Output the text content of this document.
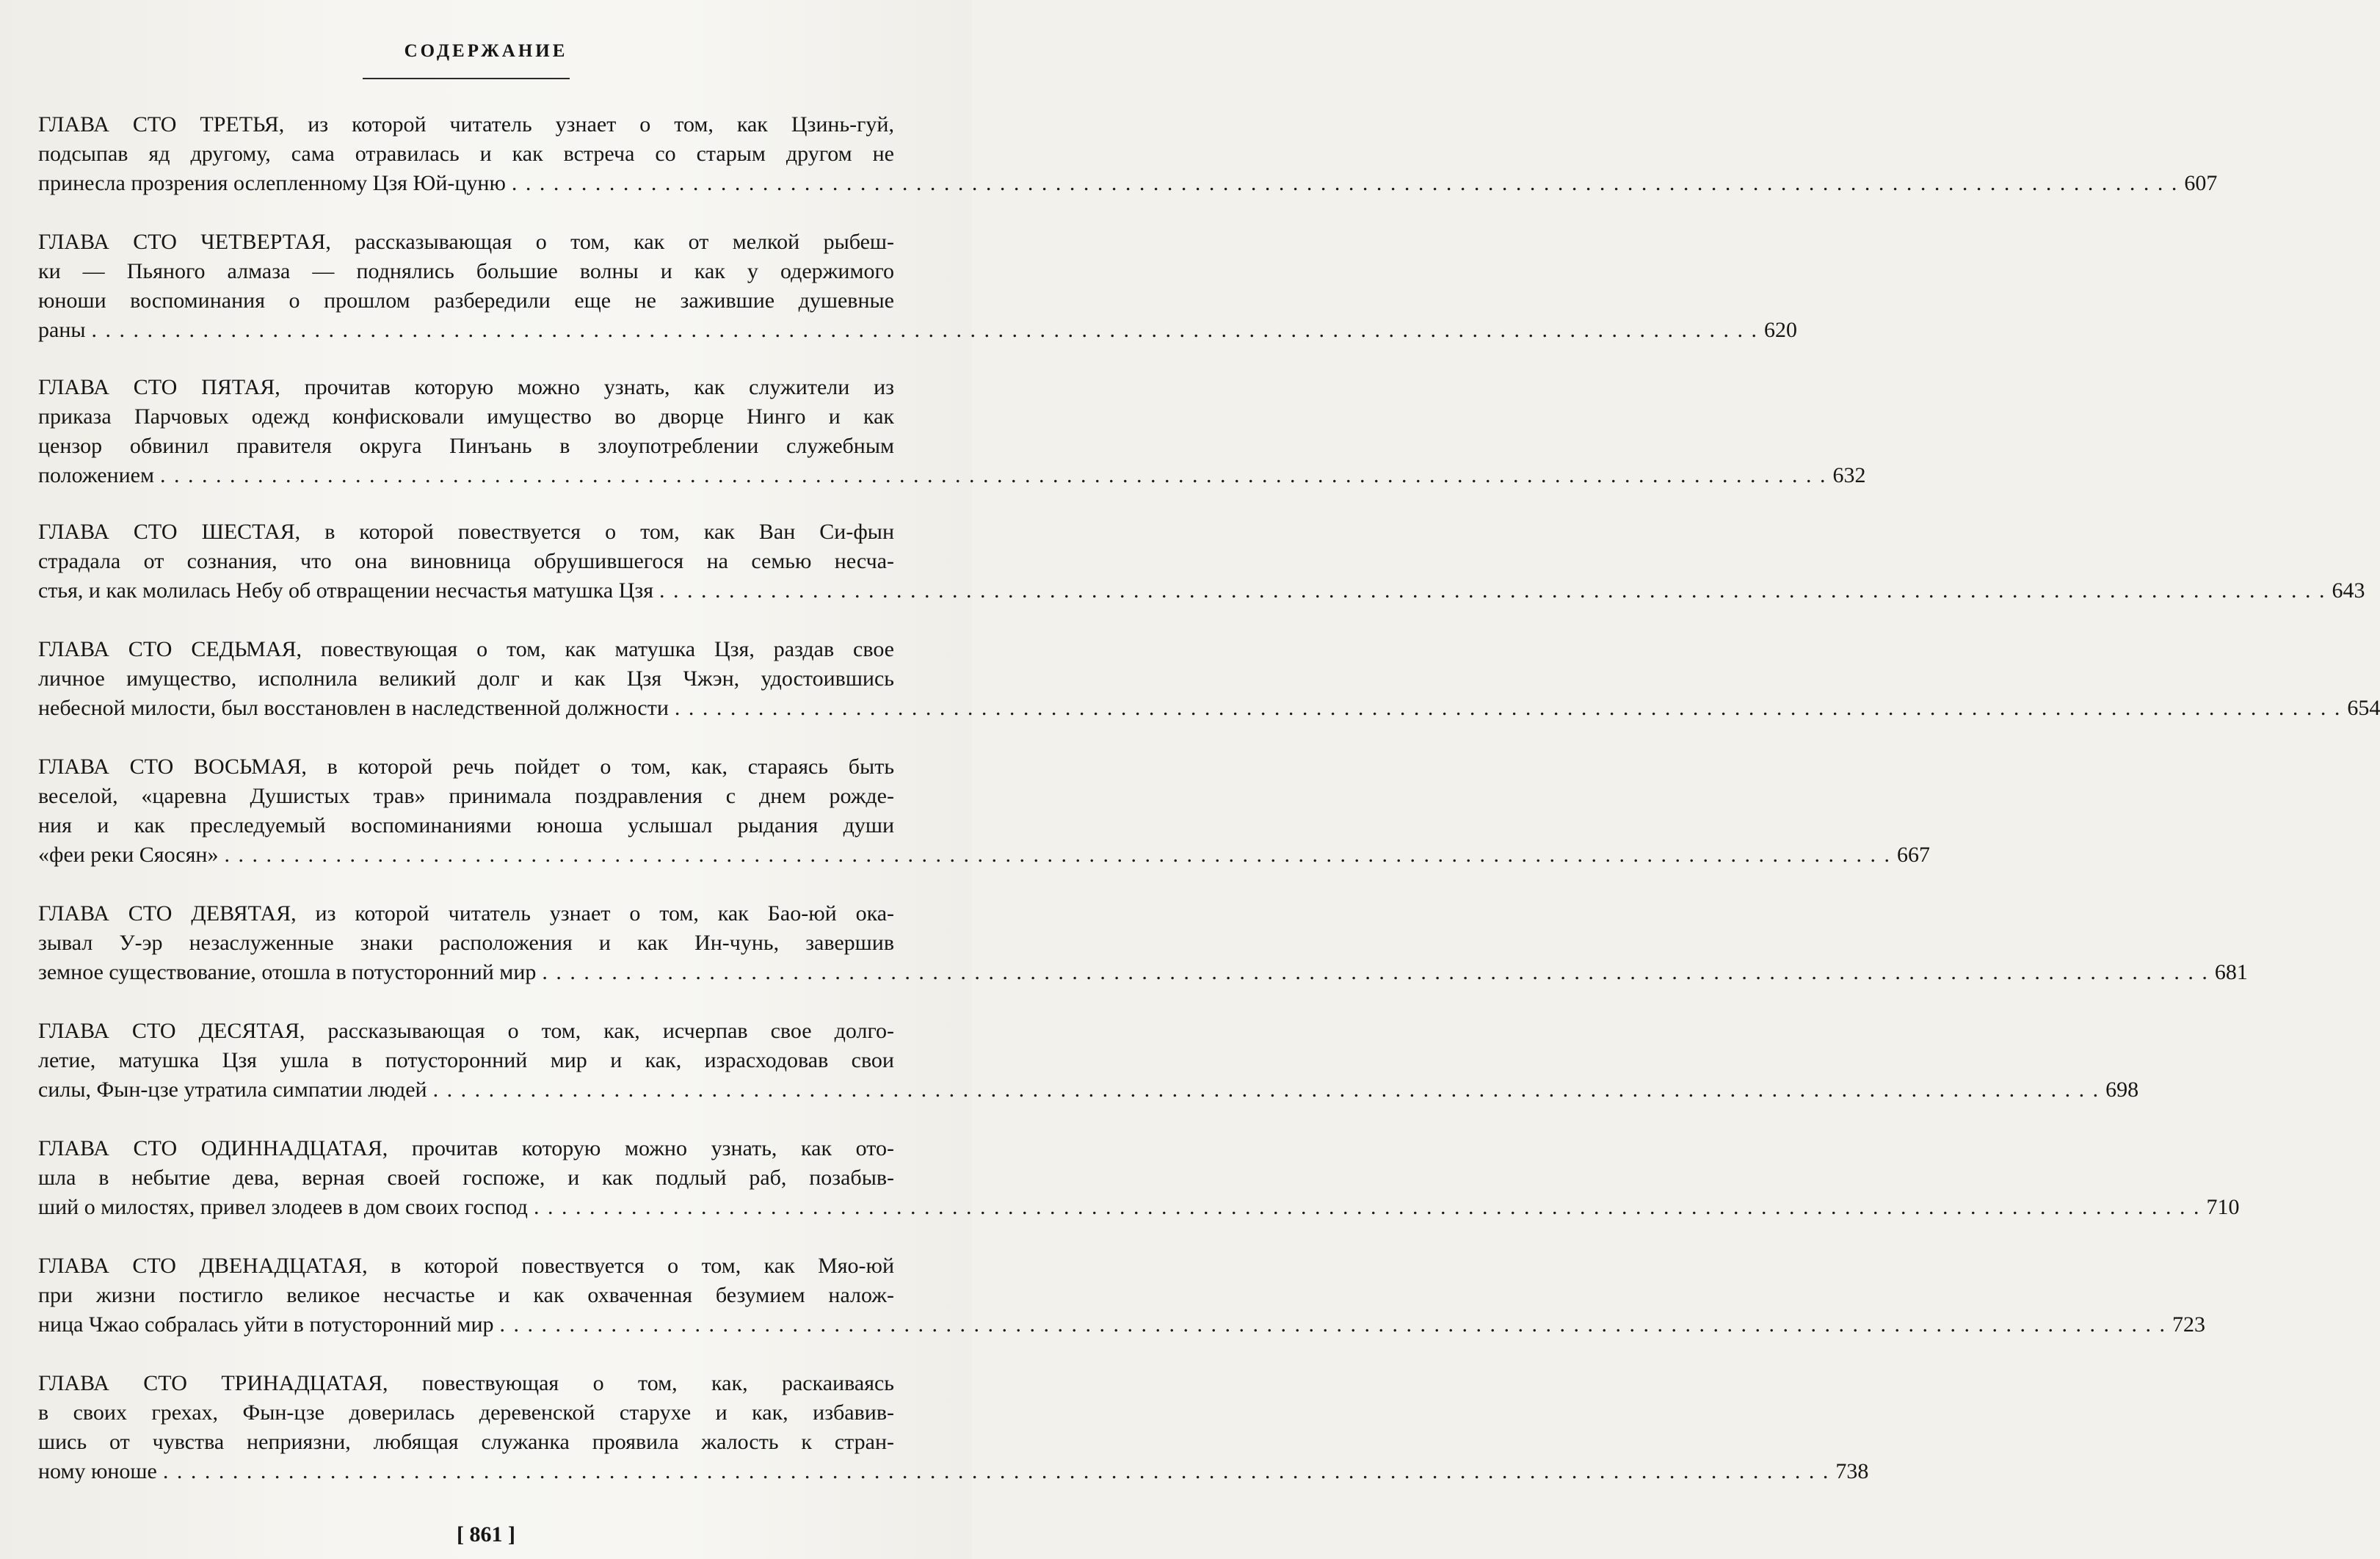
СОДЕРЖАНИЕ
ГЛАВА СТО ТРЕТЬЯ, из которой читатель узнает о том, как Цзинь-гуй,
подсыпав яд другому, сама отравилась и как встреча со старым другом не
принесла прозрения ослепленному Цзя Юй-цуню . . . . . . . . . . . . . . . . . . . . . . . . . . . . . . . . . . . . . . . . . . . . . . . . . . . . . . . . . . . . . . . . . . . . . . . . . . . . . . . . . . . . . . . . . . . . . . . . . . . . . . . . . . . . . . . . . . . . . . . . 607
ГЛАВА СТО ЧЕТВЕРТАЯ, рассказывающая о том, как от мелкой рыбеш-
ки — Пьяного алмаза — поднялись большие волны и как у одержимого
юноши воспоминания о прошлом разбередили еще не зажившие душевные
раны . . . . . . . . . . . . . . . . . . . . . . . . . . . . . . . . . . . . . . . . . . . . . . . . . . . . . . . . . . . . . . . . . . . . . . . . . . . . . . . . . . . . . . . . . . . . . . . . . . . . . . . . . . . . . . . . . . . . . . . . 620
ГЛАВА СТО ПЯТАЯ, прочитав которую можно узнать, как служители из
приказа Парчовых одежд конфисковали имущество во дворце Нинго и как
цензор обвинил правителя округа Пинъань в злоупотреблении служебным
положением . . . . . . . . . . . . . . . . . . . . . . . . . . . . . . . . . . . . . . . . . . . . . . . . . . . . . . . . . . . . . . . . . . . . . . . . . . . . . . . . . . . . . . . . . . . . . . . . . . . . . . . . . . . . . . . . . . . . . . . . 632
ГЛАВА СТО ШЕСТАЯ, в которой повествуется о том, как Ван Си-фын
страдала от сознания, что она виновница обрушившегося на семью несча-
стья, и как молилась Небу об отвращении несчастья матушка Цзя . . . . . . . . . . . . . . . . . . . . . . . . . . . . . . . . . . . . . . . . . . . . . . . . . . . . . . . . . . . . . . . . . . . . . . . . . . . . . . . . . . . . . . . . . . . . . . . . . . . . . . . . . . . . . . . . . . . . . . . . 643
ГЛАВА СТО СЕДЬМАЯ, повествующая о том, как матушка Цзя, раздав свое
личное имущество, исполнила великий долг и как Цзя Чжэн, удостоившись
небесной милости, был восстановлен в наследственной должности . . . . . . . . . . . . . . . . . . . . . . . . . . . . . . . . . . . . . . . . . . . . . . . . . . . . . . . . . . . . . . . . . . . . . . . . . . . . . . . . . . . . . . . . . . . . . . . . . . . . . . . . . . . . . . . . . . . . . . . . 654
ГЛАВА СТО ВОСЬМАЯ, в которой речь пойдет о том, как, стараясь быть
веселой, «царевна Душистых трав» принимала поздравления с днем рожде-
ния и как преследуемый воспоминаниями юноша услышал рыдания души
«феи реки Сяосян» . . . . . . . . . . . . . . . . . . . . . . . . . . . . . . . . . . . . . . . . . . . . . . . . . . . . . . . . . . . . . . . . . . . . . . . . . . . . . . . . . . . . . . . . . . . . . . . . . . . . . . . . . . . . . . . . . . . . . . . . 667
ГЛАВА СТО ДЕВЯТАЯ, из которой читатель узнает о том, как Бао-юй ока-
зывал У-эр незаслуженные знаки расположения и как Ин-чунь, завершив
земное существование, отошла в потусторонний мир . . . . . . . . . . . . . . . . . . . . . . . . . . . . . . . . . . . . . . . . . . . . . . . . . . . . . . . . . . . . . . . . . . . . . . . . . . . . . . . . . . . . . . . . . . . . . . . . . . . . . . . . . . . . . . . . . . . . . . . . 681
ГЛАВА СТО ДЕСЯТАЯ, рассказывающая о том, как, исчерпав свое долго-
летие, матушка Цзя ушла в потусторонний мир и как, израсходовав свои
силы, Фын-цзе утратила симпатии людей . . . . . . . . . . . . . . . . . . . . . . . . . . . . . . . . . . . . . . . . . . . . . . . . . . . . . . . . . . . . . . . . . . . . . . . . . . . . . . . . . . . . . . . . . . . . . . . . . . . . . . . . . . . . . . . . . . . . . . . . 698
ГЛАВА СТО ОДИННАДЦАТАЯ, прочитав которую можно узнать, как ото-
шла в небытие дева, верная своей госпоже, и как подлый раб, позабыв-
ший о милостях, привел злодеев в дом своих господ . . . . . . . . . . . . . . . . . . . . . . . . . . . . . . . . . . . . . . . . . . . . . . . . . . . . . . . . . . . . . . . . . . . . . . . . . . . . . . . . . . . . . . . . . . . . . . . . . . . . . . . . . . . . . . . . . . . . . . . . 710
ГЛАВА СТО ДВЕНАДЦАТАЯ, в которой повествуется о том, как Мяо-юй
при жизни постигло великое несчастье и как охваченная безумием налож-
ница Чжао собралась уйти в потусторонний мир . . . . . . . . . . . . . . . . . . . . . . . . . . . . . . . . . . . . . . . . . . . . . . . . . . . . . . . . . . . . . . . . . . . . . . . . . . . . . . . . . . . . . . . . . . . . . . . . . . . . . . . . . . . . . . . . . . . . . . . . 723
ГЛАВА СТО ТРИНАДЦАТАЯ, повествующая о том, как, раскаиваясь
в своих грехах, Фын-цзе доверилась деревенской старухе и как, избавив-
шись от чувства неприязни, любящая служанка проявила жалость к стран-
ному юноше . . . . . . . . . . . . . . . . . . . . . . . . . . . . . . . . . . . . . . . . . . . . . . . . . . . . . . . . . . . . . . . . . . . . . . . . . . . . . . . . . . . . . . . . . . . . . . . . . . . . . . . . . . . . . . . . . . . . . . . . 738
[ 861 ]
